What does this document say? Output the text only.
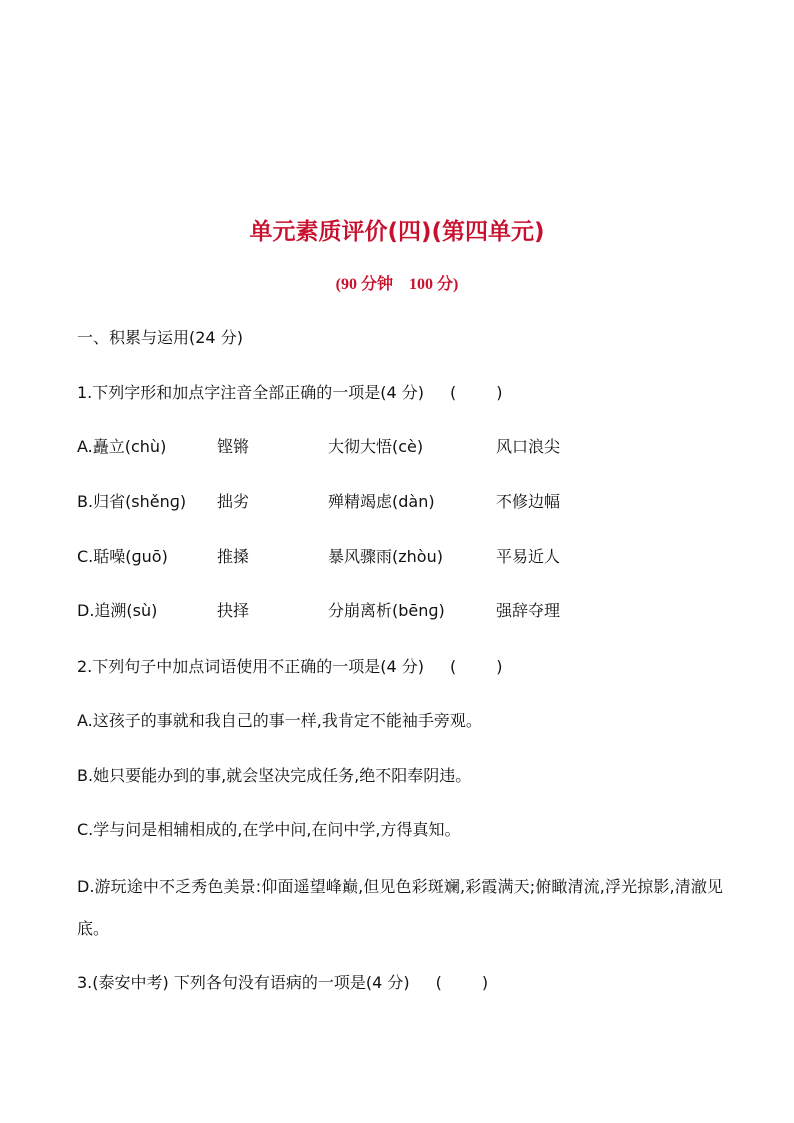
单元素质评价(四)(第四单元)
(90 分钟    100 分)
一、积累与运用(24 分)
1.下列字形和加点字注音全部正确的一项是(4 分) (	)
A.矗立(chù)	铿锵	大彻大悟(cè)	风口浪尖
B.归省(shěnɡ) 拙劣	殚精竭虑(dàn)	不修边幅
C.聒噪(ɡuō)	推搡	暴风骤雨(zhòu)	平易近人
D.追溯(sù)	抉择	分崩离析(bēnɡ)	强辞夺理
2.下列句子中加点词语使用不正确的一项是(4 分) (	)
A.这孩子的事就和我自己的事一样,我肯定不能袖手旁观。
B.她只要能办到的事,就会坚决完成任务,绝不阳奉阴违。
C.学与问是相辅相成的,在学中问,在问中学,方得真知。
D.游玩途中不乏秀色美景:仰面遥望峰巅,但见色彩斑斓,彩霞满天;俯瞰清流,浮光掠影,清澈见底。
3.(泰安中考) 下列各句没有语病的一项是(4 分) (	)
